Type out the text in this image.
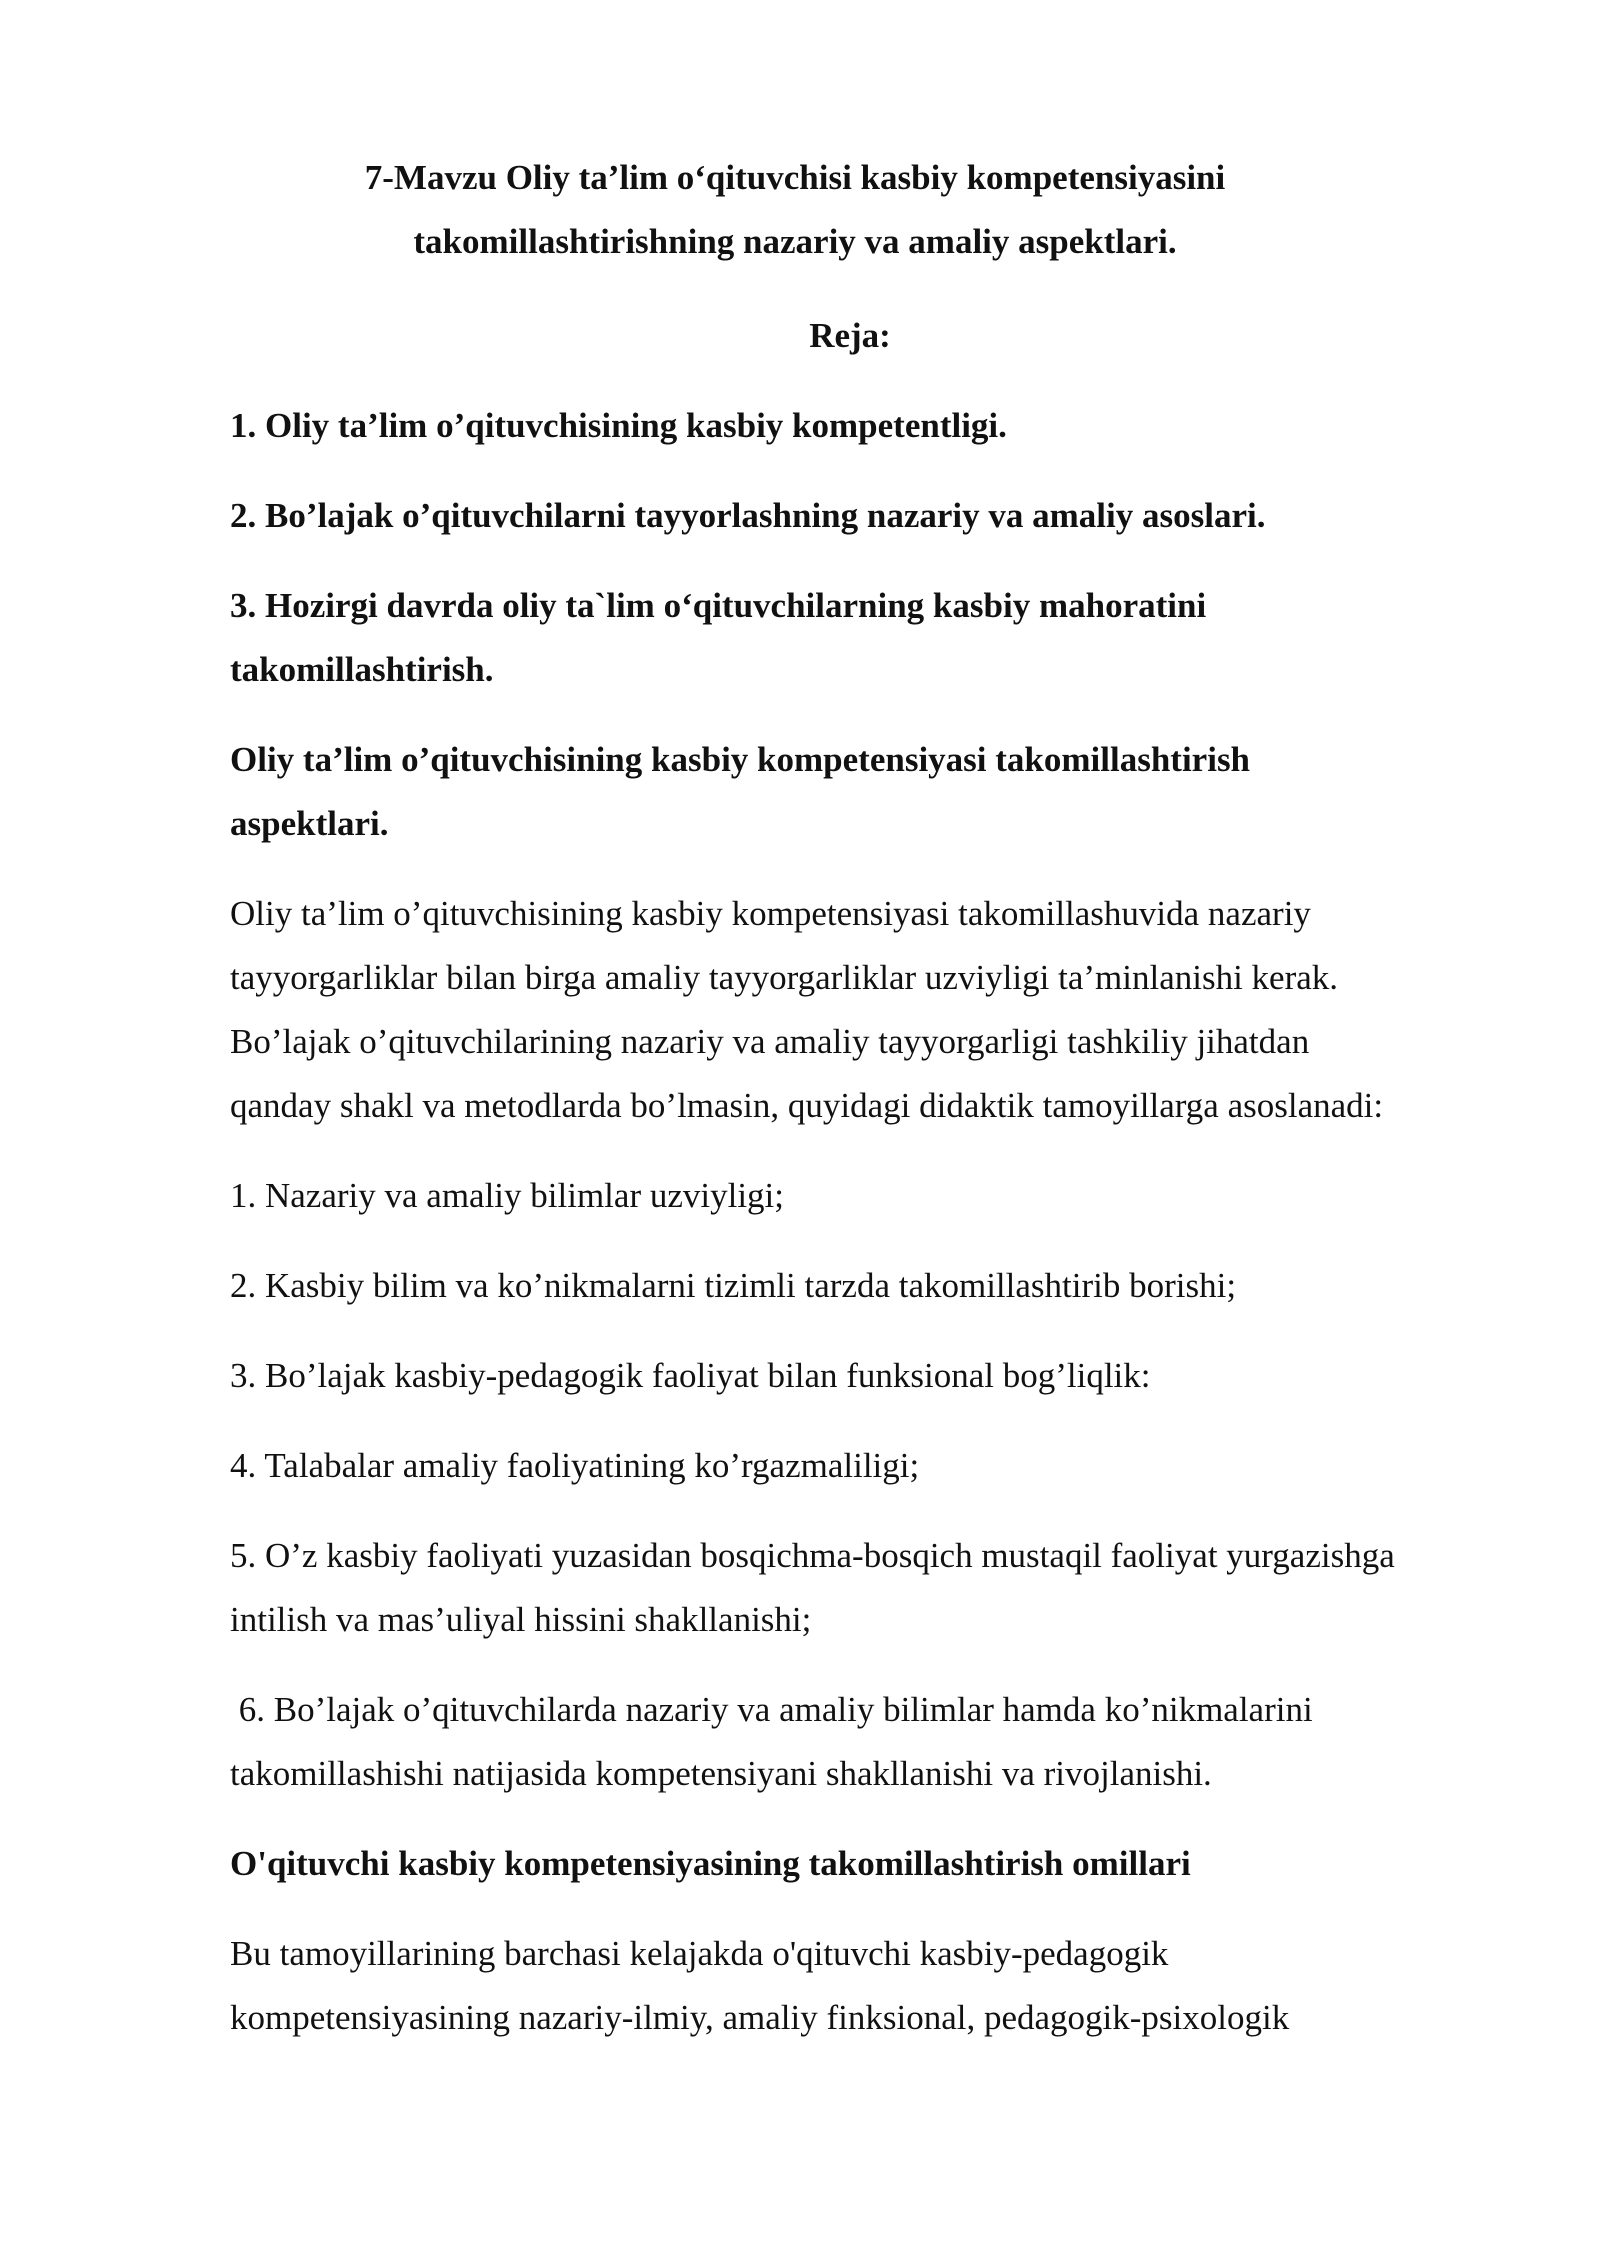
7-Mavzu Oliy ta’lim o‘qituvchisi kasbiy kompetensiyasini
takomillashtirishning nazariy va amaliy aspektlari.
Reja:
1. Oliy ta’lim o’qituvchisining kasbiy kompetentligi.
2. Bo’lajak o’qituvchilarni tayyorlashning nazariy va amaliy asoslari.
3. Hozirgi davrda oliy ta`lim o‘qituvchilarning kasbiy mahoratini
takomillashtirish.
Oliy ta’lim o’qituvchisining kasbiy kompetensiyasi takomillashtirish
aspektlari.
Oliy ta’lim o’qituvchisining kasbiy kompetensiyasi takomillashuvida nazariy
tayyorgarliklar bilan birga amaliy tayyorgarliklar uzviyligi ta’minlanishi kerak.
Bo’lajak o’qituvchilarining nazariy va amaliy tayyorgarligi tashkiliy jihatdan
qanday shakl va metodlarda bo’lmasin, quyidagi didaktik tamoyillarga asoslanadi:
1. Nazariy va amaliy bilimlar uzviyligi;
2. Kasbiy bilim va ko’nikmalarni tizimli tarzda takomillashtirib borishi;
3. Bo’lajak kasbiy-pedagogik faoliyat bilan funksional bog’liqlik:
4. Talabalar amaliy faoliyatining ko’rgazmaliligi;
5. O’z kasbiy faoliyati yuzasidan bosqichma-bosqich mustaqil faoliyat yurgazishga
intilish va mas’uliyal hissini shakllanishi;
6. Bo’lajak o’qituvchilarda nazariy va amaliy bilimlar hamda ko’nikmalarini
takomillashishi natijasida kompetensiyani shakllanishi va rivojlanishi.
O'qituvchi kasbiy kompetensiyasining takomillashtirish omillari
Bu tamoyillarining barchasi kelajakda o'qituvchi kasbiy-pedagogik
kompetensiyasining nazariy-ilmiy, amaliy finksional, pedagogik-psixologik
